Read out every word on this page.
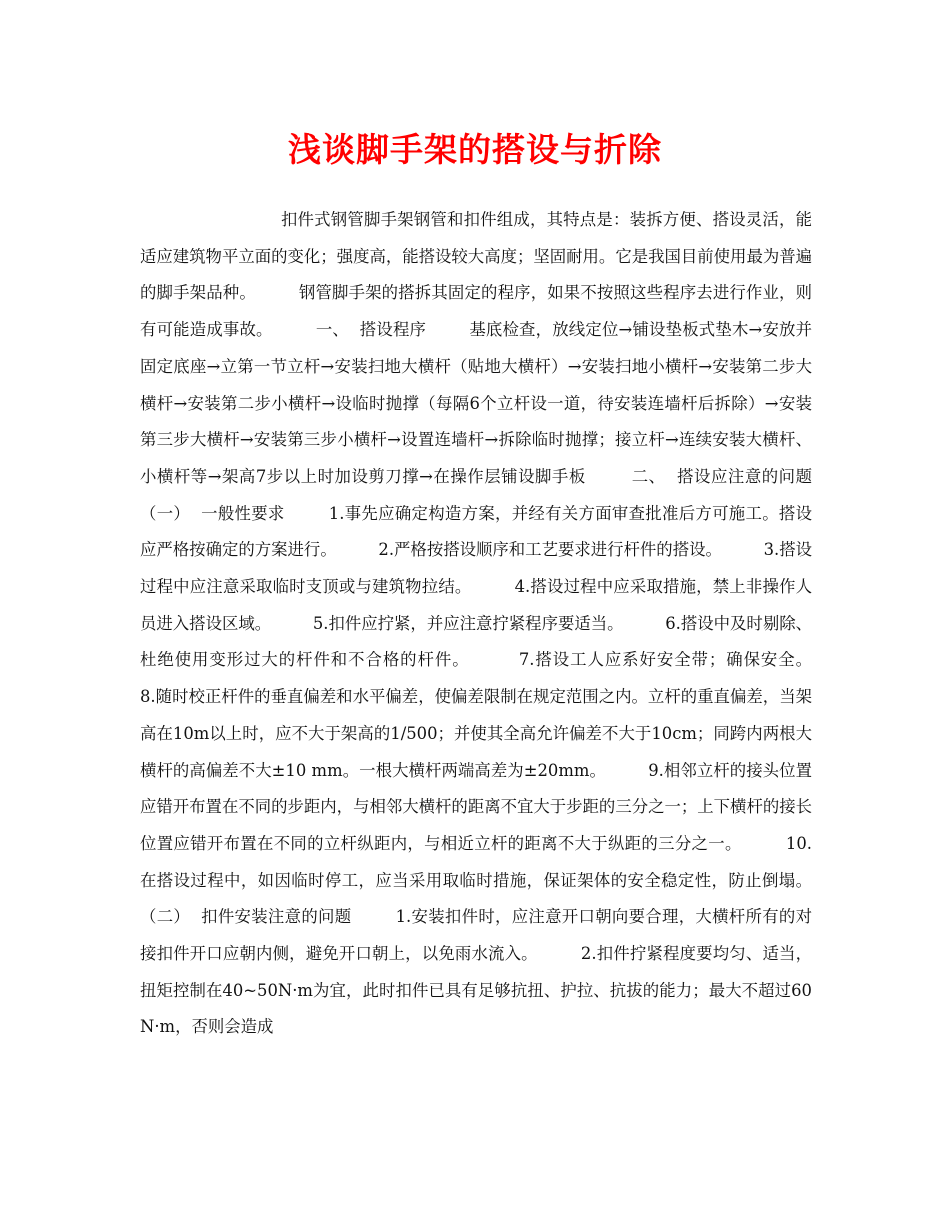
浅谈脚手架的搭设与折除

扣件式钢管脚手架钢管和扣件组成，其特点是：装拆方便、搭设灵活，能适应建筑物平立面的变化；强度高，能搭设较大高度；坚固耐用。它是我国目前使用最为普遍的脚手架品种。        钢管脚手架的搭拆其固定的程序，如果不按照这些程序去进行作业，则有可能造成事故。        一、  搭设程序        基底检查，放线定位→铺设垫板式垫木→安放并固定底座→立第一节立杆→安装扫地大横杆（贴地大横杆）→安装扫地小横杆→安装第二步大横杆→安装第二步小横杆→设临时抛撑（每隔6个立杆设一道，待安装连墙杆后拆除）→安装第三步大横杆→安装第三步小横杆→设置连墙杆→拆除临时抛撑；接立杆→连续安装大横杆、小横杆等→架高7步以上时加设剪刀撑→在操作层铺设脚手板        二、  搭设应注意的问题        （一）  一般性要求        1.事先应确定构造方案，并经有关方面审查批准后方可施工。搭设应严格按确定的方案进行。        2.严格按搭设顺序和工艺要求进行杆件的搭设。        3.搭设过程中应注意采取临时支顶或与建筑物拉结。        4.搭设过程中应采取措施，禁上非操作人员进入搭设区域。        5.扣件应拧紧，并应注意拧紧程序要适当。        6.搭设中及时剔除、杜绝使用变形过大的杆件和不合格的杆件。        7.搭设工人应系好安全带；确保安全。        8.随时校正杆件的垂直偏差和水平偏差，使偏差限制在规定范围之内。立杆的重直偏差，当架高在10m以上时，应不大于架高的1/500；并使其全高允许偏差不大于10cm；同跨内两根大横杆的高偏差不大±10 mm。一根大横杆两端高差为±20mm。        9.相邻立杆的接头位置应错开布置在不同的步距内，与相邻大横杆的距离不宜大于步距的三分之一；上下横杆的接长位置应错开布置在不同的立杆纵距内，与相近立杆的距离不大于纵距的三分之一。        10.在搭设过程中，如因临时停工，应当采用取临时措施，保证架体的安全稳定性，防止倒塌。        （二）  扣件安装注意的问题        1.安装扣件时，应注意开口朝向要合理，大横杆所有的对接扣件开口应朝内侧，避免开口朝上，以免雨水流入。        2.扣件拧紧程度要均匀、适当，扭矩控制在40~50N·m为宜，此时扣件已具有足够抗扭、护拉、抗拔的能力；最大不超过60N·m，否则会造成
